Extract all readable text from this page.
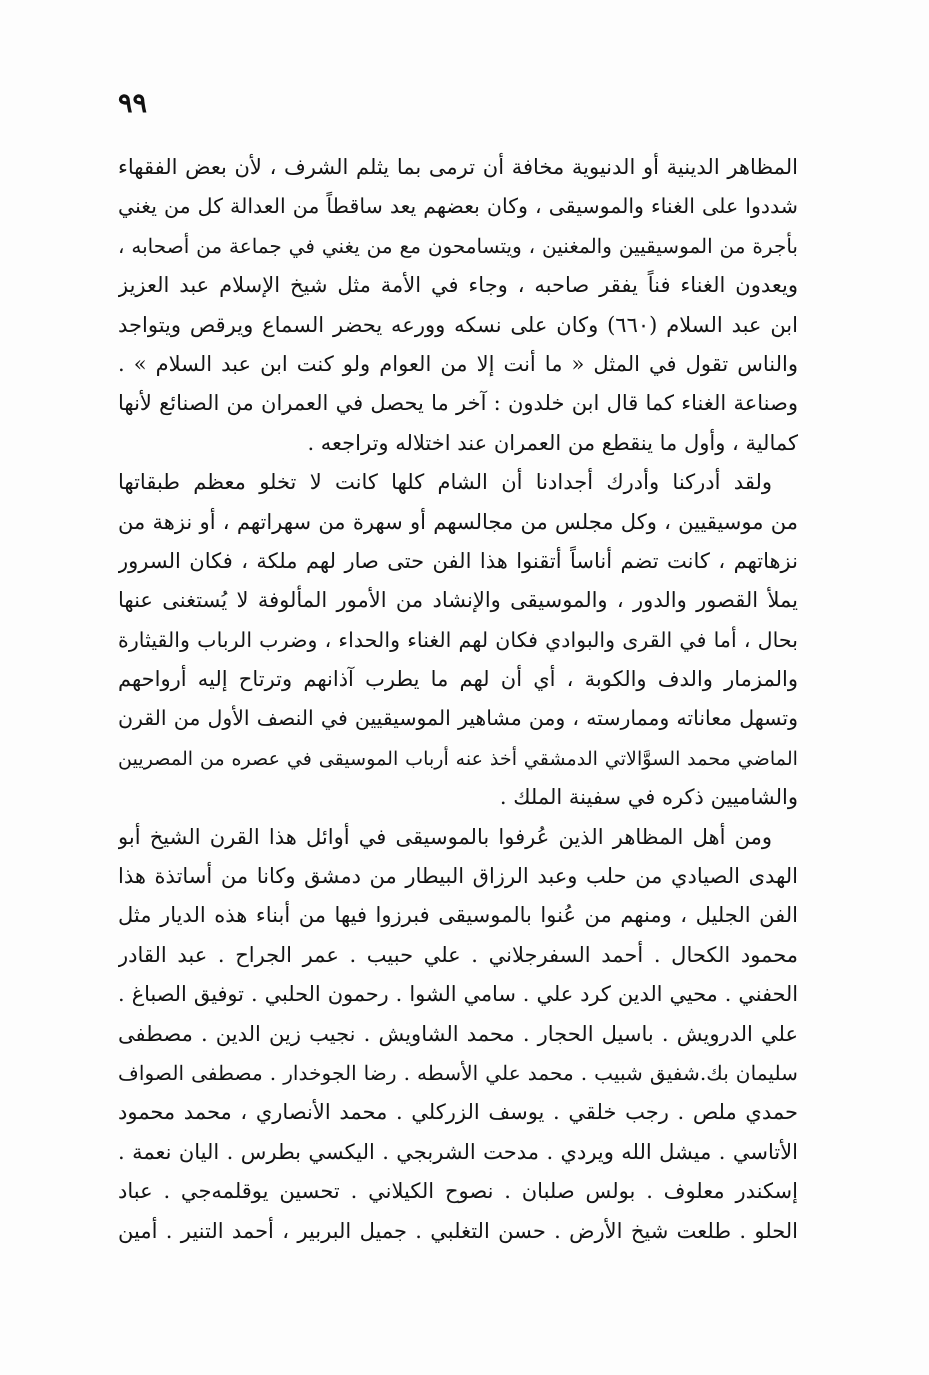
٩٩
المظاهر الدينية أو الدنيوية مخافة أن ترمى بما يثلم الشرف ، لأن بعض الفقهاء
شددوا على الغناء والموسيقى ، وكان بعضهم يعد ساقطاً من العدالة كل من يغني
بأجرة من الموسيقيين والمغنين ، ويتسامحون مع من يغني في جماعة من أصحابه ،
ويعدون الغناء فناً يفقر صاحبه ، وجاء في الأمة مثل شيخ الإسلام عبد العزيز
ابن عبد السلام (٦٦٠) وكان على نسكه وورعه يحضر السماع ويرقص ويتواجد
والناس تقول في المثل « ما أنت إلا من العوام ولو كنت ابن عبد السلام » .
وصناعة الغناء كما قال ابن خلدون : آخر ما يحصل في العمران من الصنائع لأنها
كمالية ، وأول ما ينقطع من العمران عند اختلاله وتراجعه .
ولقد أدركنا وأدرك أجدادنا أن الشام كلها كانت لا تخلو معظم طبقاتها
من موسيقيين ، وكل مجلس من مجالسهم أو سهرة من سهراتهم ، أو نزهة من
نزهاتهم ، كانت تضم أناساً أتقنوا هذا الفن حتى صار لهم ملكة ، فكان السرور
يملأ القصور والدور ، والموسيقى والإنشاد من الأمور المألوفة لا يُستغنى عنها
بحال ، أما في القرى والبوادي فكان لهم الغناء والحداء ، وضرب الرباب والقيثارة
والمزمار والدف والكوبة ، أي أن لهم ما يطرب آذانهم وترتاح إليه أرواحهم
وتسهل معاناته وممارسته ، ومن مشاهير الموسيقيين في النصف الأول من القرن
الماضي محمد السوَّالاتي الدمشقي أخذ عنه أرباب الموسيقى في عصره من المصريين
والشاميين ذكره في سفينة الملك .
ومن أهل المظاهر الذين عُرفوا بالموسيقى في أوائل هذا القرن الشيخ أبو
الهدى الصيادي من حلب وعبد الرزاق البيطار من دمشق وكانا من أساتذة هذا
الفن الجليل ، ومنهم من عُنوا بالموسيقى فبرزوا فيها من أبناء هذه الديار مثل
محمود الكحال . أحمد السفرجلاني . علي حبيب . عمر الجراح . عبد القادر
الحفني . محيي الدين كرد علي . سامي الشوا . رحمون الحلبي . توفيق الصباغ .
علي الدرويش . باسيل الحجار . محمد الشاويش . نجيب زين الدين . مصطفى
سليمان بك.شفيق شبيب . محمد علي الأسطه . رضا الجوخدار . مصطفى الصواف
حمدي ملص . رجب خلقي . يوسف الزركلي . محمد الأنصاري ، محمد محمود
الأتاسي . ميشل الله ويردي . مدحت الشربجي . اليكسي بطرس . اليان نعمة .
إسكندر معلوف . بولس صلبان . نصوح الكيلاني . تحسين يوقلمه‌جي . عباد
الحلو . طلعت شيخ الأرض . حسن التغلبي . جميل البربير ، أحمد التنير . أمين
